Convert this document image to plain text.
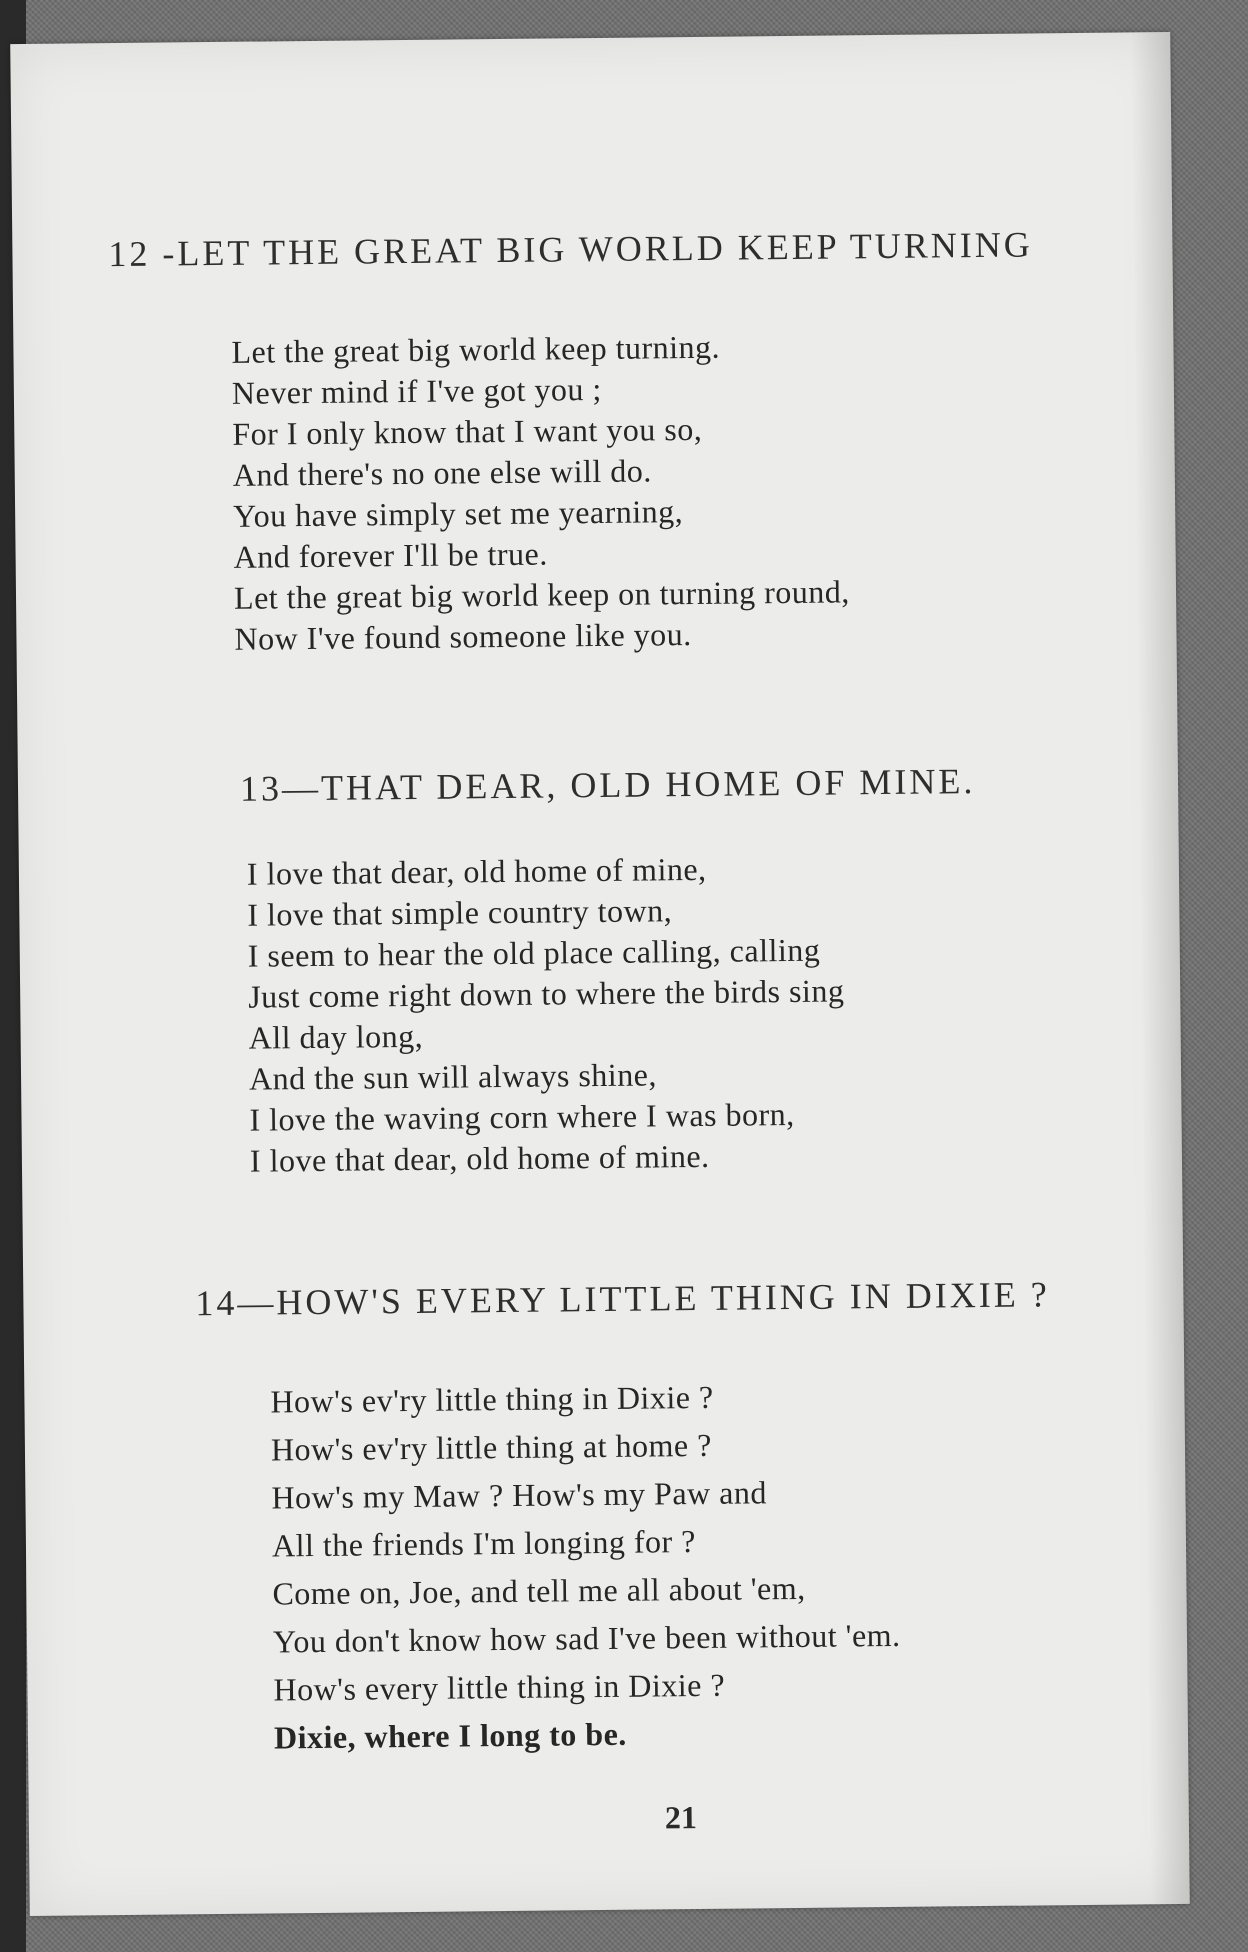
12 -LET THE GREAT BIG WORLD KEEP TURNING
Let the great big world keep turning.
Never mind if I've got you ;
For I only know that I want you so,
And there's no one else will do.
You have simply set me yearning,
And forever I'll be true.
Let the great big world keep on turning round,
Now I've found someone like you.
13—THAT DEAR, OLD HOME OF MINE.
I love that dear, old home of mine,
I love that simple country town,
I seem to hear the old place calling, calling
Just come right down to where the birds sing
All day long,
And the sun will always shine,
I love the waving corn where I was born,
I love that dear, old home of mine.
14—HOW'S EVERY LITTLE THING IN DIXIE ?
How's ev'ry little thing in Dixie ?
How's ev'ry little thing at home ?
How's my Maw ? How's my Paw and
All the friends I'm longing for ?
Come on, Joe, and tell me all about 'em,
You don't know how sad I've been without 'em.
How's every little thing in Dixie ?
Dixie, where I long to be.
21
